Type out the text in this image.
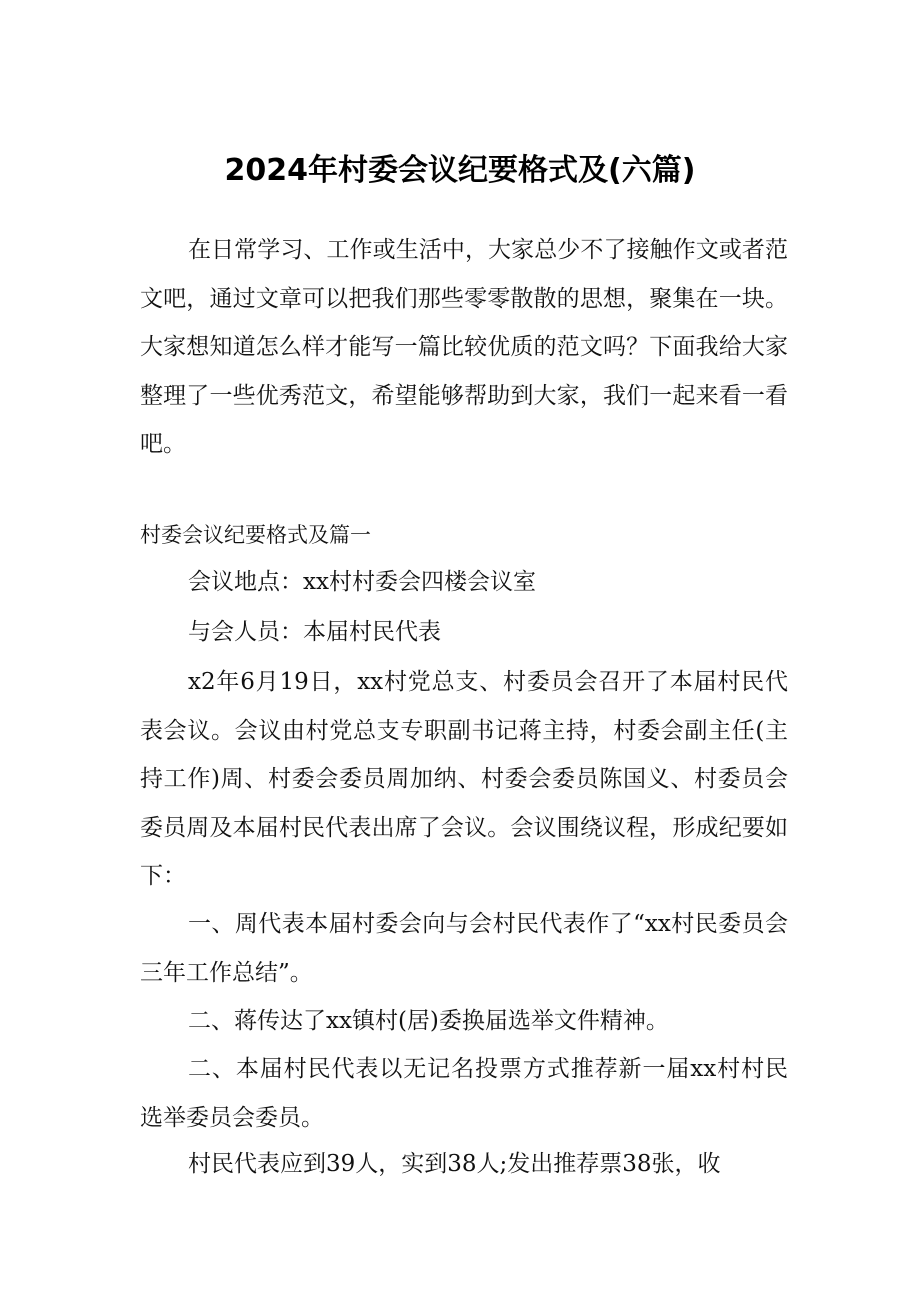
2024年村委会议纪要格式及(六篇)

在日常学习、工作或生活中，大家总少不了接触作文或者范文吧，通过文章可以把我们那些零零散散的思想，聚集在一块。大家想知道怎么样才能写一篇比较优质的范文吗？下面我给大家整理了一些优秀范文，希望能够帮助到大家，我们一起来看一看吧。

村委会议纪要格式及篇一

会议地点：xx村村委会四楼会议室

与会人员：本届村民代表

x2年6月19日，xx村党总支、村委员会召开了本届村民代表会议。会议由村党总支专职副书记蒋主持，村委会副主任(主持工作)周、村委会委员周加纳、村委会委员陈国义、村委员会委员周及本届村民代表出席了会议。会议围绕议程，形成纪要如下：

一、周代表本届村委会向与会村民代表作了“xx村民委员会三年工作总结”。

二、蒋传达了xx镇村(居)委换届选举文件精神。

二、本届村民代表以无记名投票方式推荐新一届xx村村民选举委员会委员。

村民代表应到39人，实到38人;发出推荐票38张，收
